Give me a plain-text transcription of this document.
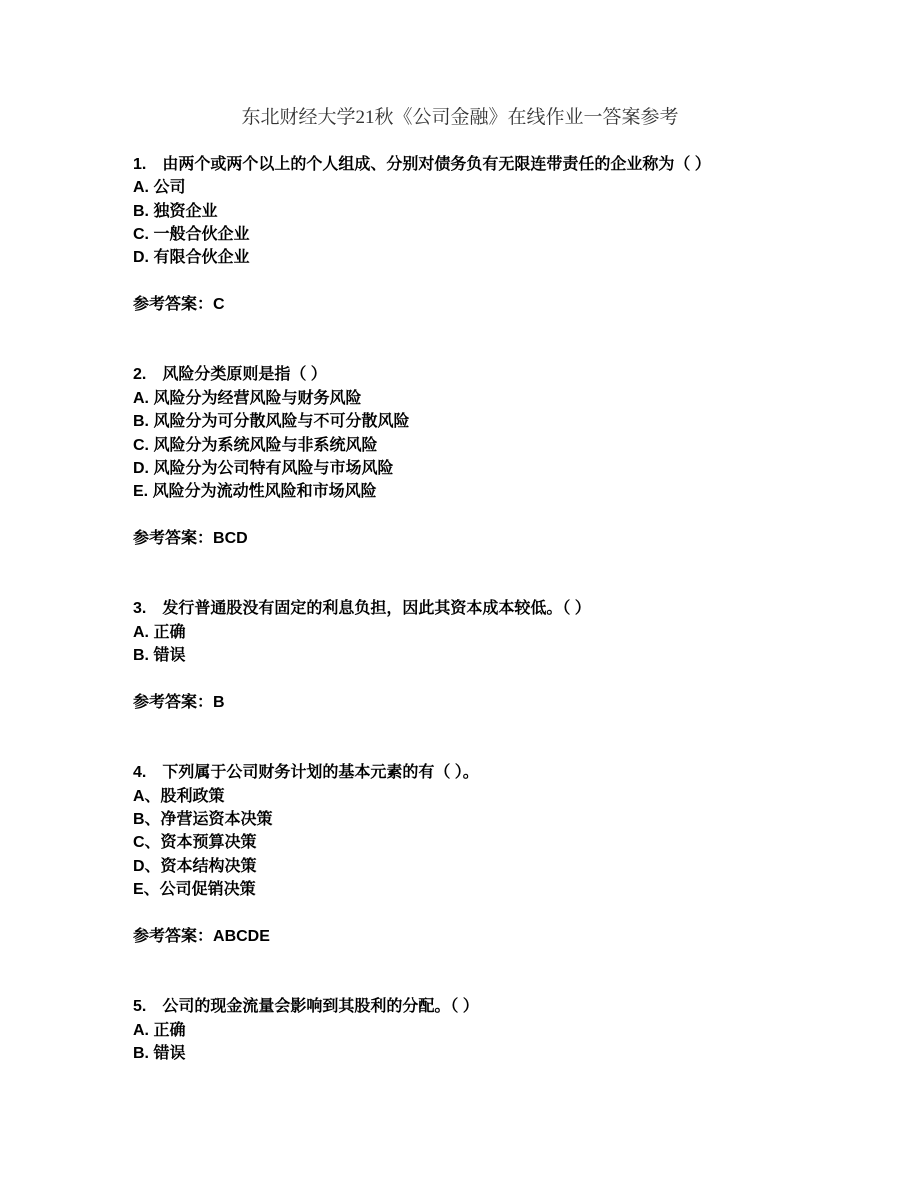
东北财经大学21秋《公司金融》在线作业一答案参考
1. 由两个或两个以上的个人组成、分别对债务负有无限连带责任的企业称为（ ）
A. 公司
B. 独资企业
C. 一般合伙企业
D. 有限合伙企业
参考答案：C
2. 风险分类原则是指（ ）
A. 风险分为经营风险与财务风险
B. 风险分为可分散风险与不可分散风险
C. 风险分为系统风险与非系统风险
D. 风险分为公司特有风险与市场风险
E. 风险分为流动性风险和市场风险
参考答案：BCD
3. 发行普通股没有固定的利息负担，因此其资本成本较低。（ ）
A. 正确
B. 错误
参考答案：B
4. 下列属于公司财务计划的基本元素的有（ ）。
A、股利政策
B、净营运资本决策
C、资本预算决策
D、资本结构决策
E、公司促销决策
参考答案：ABCDE
5. 公司的现金流量会影响到其股利的分配。（ ）
A. 正确
B. 错误
